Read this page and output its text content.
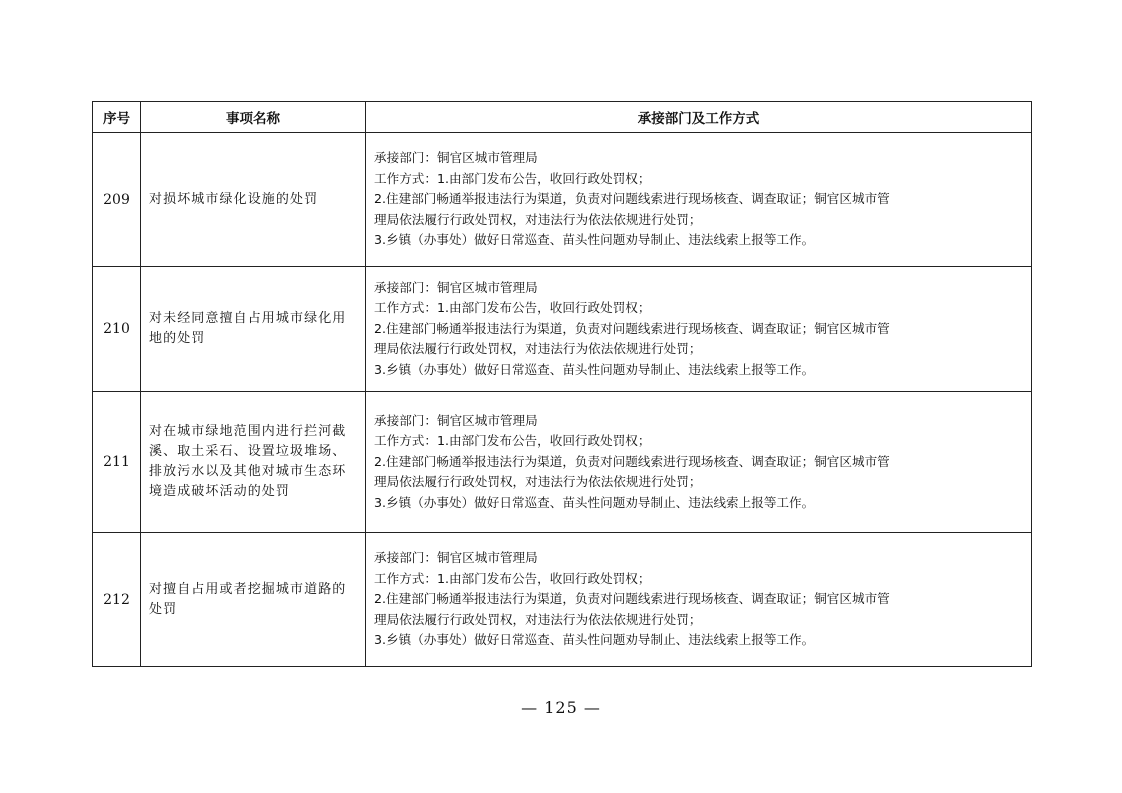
序号	事项名称	承接部门及工作方式
209	对损坏城市绿化设施的处罚	承接部门：铜官区城市管理局
工作方式：1.由部门发布公告，收回行政处罚权；
2.住建部门畅通举报违法行为渠道，负责对问题线索进行现场核查、调查取证；铜官区城市管
理局依法履行行政处罚权，对违法行为依法依规进行处罚；
3.乡镇（办事处）做好日常巡查、苗头性问题劝导制止、违法线索上报等工作。

210	对未经同意擅自占用城市绿化用地的处罚	承接部门：铜官区城市管理局
工作方式：1.由部门发布公告，收回行政处罚权；
2.住建部门畅通举报违法行为渠道，负责对问题线索进行现场核查、调查取证；铜官区城市管
理局依法履行行政处罚权，对违法行为依法依规进行处罚；
3.乡镇（办事处）做好日常巡查、苗头性问题劝导制止、违法线索上报等工作。

211	对在城市绿地范围内进行拦河截溪、取土采石、设置垃圾堆场、排放污水以及其他对城市生态环境造成破坏活动的处罚	承接部门：铜官区城市管理局
工作方式：1.由部门发布公告，收回行政处罚权；
2.住建部门畅通举报违法行为渠道，负责对问题线索进行现场核查、调查取证；铜官区城市管
理局依法履行行政处罚权，对违法行为依法依规进行处罚；
3.乡镇（办事处）做好日常巡查、苗头性问题劝导制止、违法线索上报等工作。

212	对擅自占用或者挖掘城市道路的处罚	承接部门：铜官区城市管理局
工作方式：1.由部门发布公告，收回行政处罚权；
2.住建部门畅通举报违法行为渠道，负责对问题线索进行现场核查、调查取证；铜官区城市管
理局依法履行行政处罚权，对违法行为依法依规进行处罚；
3.乡镇（办事处）做好日常巡查、苗头性问题劝导制止、违法线索上报等工作。
— 125 —
